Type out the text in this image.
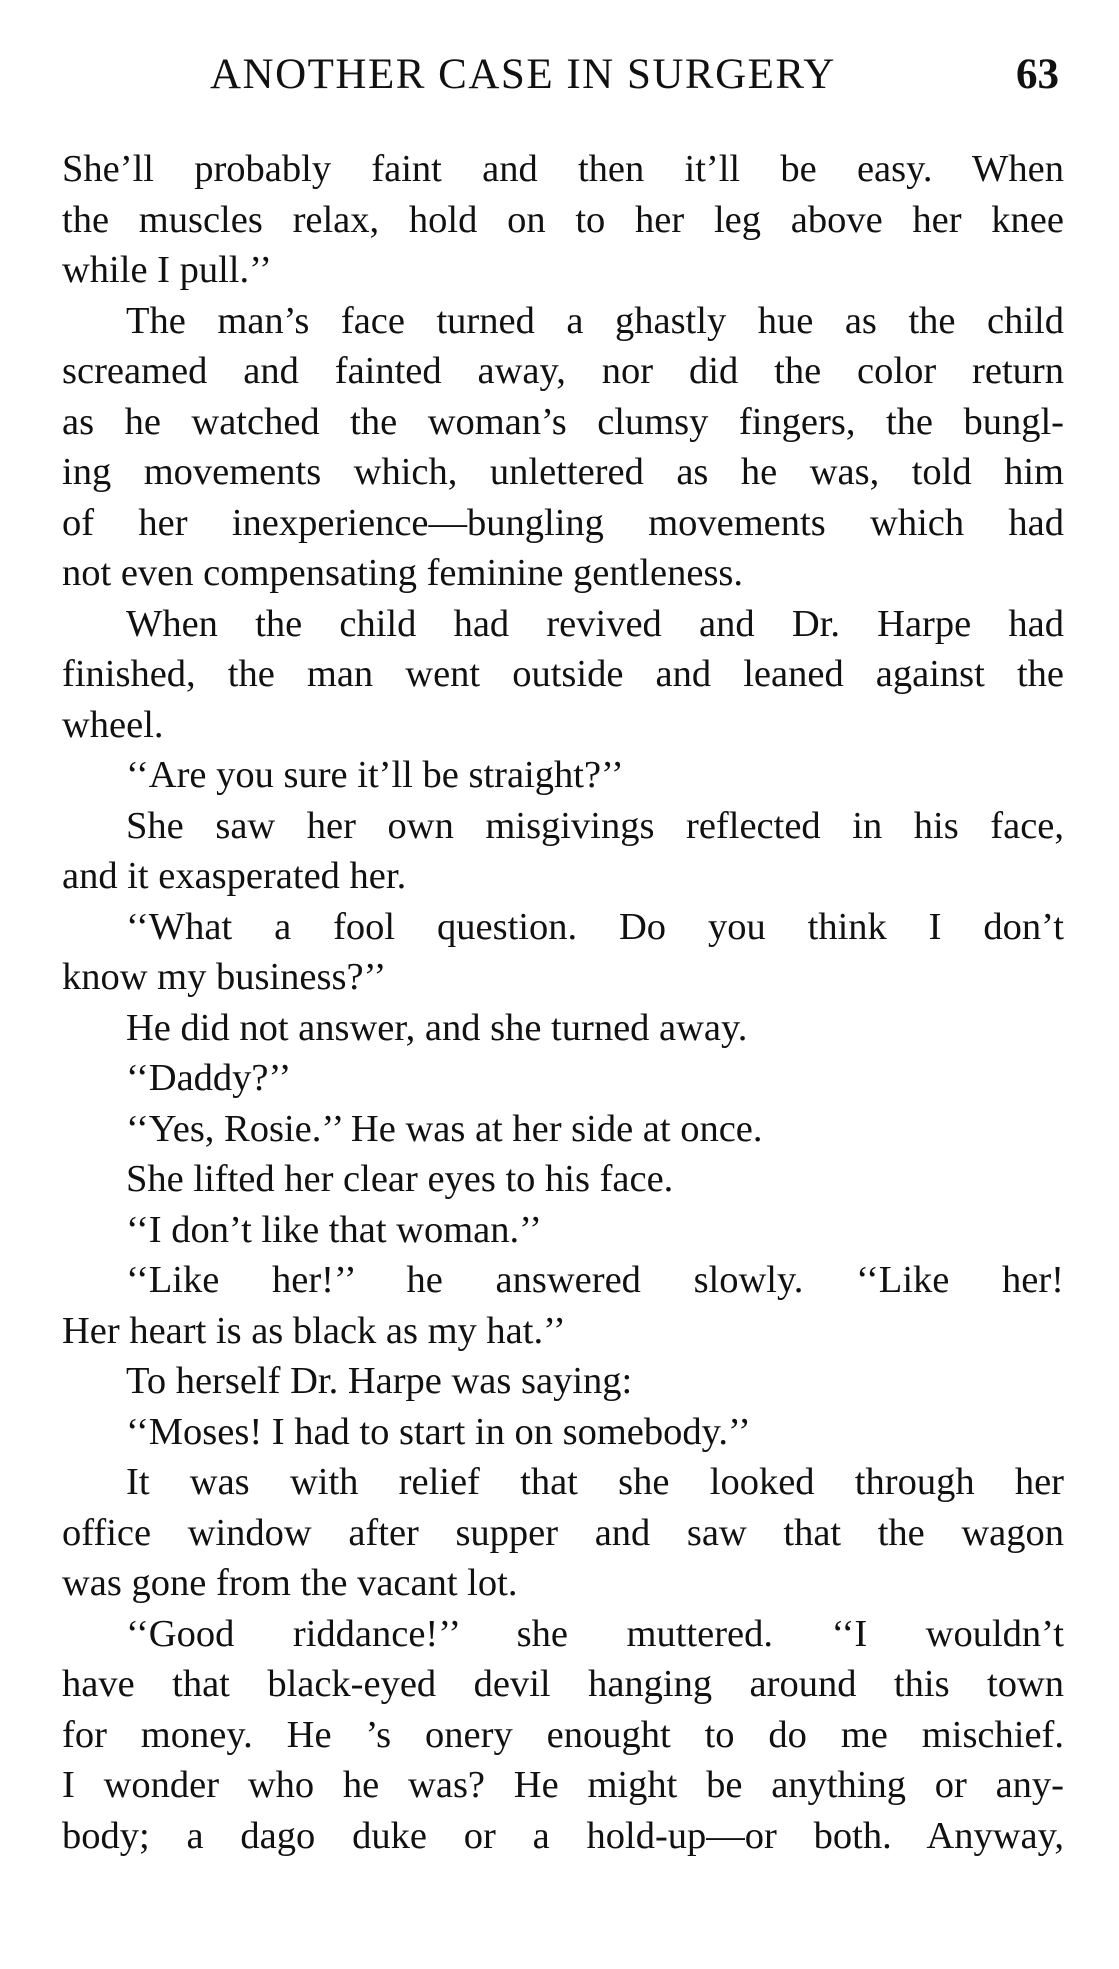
ANOTHER CASE IN SURGERY	63
She’ll probably faint and then it’ll be easy. When
the muscles relax, hold on to her leg above her knee
while I pull.’’
The man’s face turned a ghastly hue as the child
screamed and fainted away, nor did the color return
as he watched the woman’s clumsy fingers, the bungl-
ing movements which, unlettered as he was, told him
of her inexperience—bungling movements which had
not even compensating feminine gentleness.
When the child had revived and Dr. Harpe had
finished, the man went outside and leaned against the
wheel.
‘‘Are you sure it’ll be straight?’’
She saw her own misgivings reflected in his face,
and it exasperated her.
‘‘What a fool question. Do you think I don’t
know my business?’’
He did not answer, and she turned away.
‘‘Daddy?’’
‘‘Yes, Rosie.’’ He was at her side at once.
She lifted her clear eyes to his face.
‘‘I don’t like that woman.’’
‘‘Like her!’’ he answered slowly. ‘‘Like her!
Her heart is as black as my hat.’’
To herself Dr. Harpe was saying:
‘‘Moses! I had to start in on somebody.’’
It was with relief that she looked through her
office window after supper and saw that the wagon
was gone from the vacant lot.
‘‘Good riddance!’’ she muttered. ‘‘I wouldn’t
have that black-eyed devil hanging around this town
for money. He ’s onery enought to do me mischief.
I wonder who he was? He might be anything or any-
body; a dago duke or a hold-up—or both. Anyway,
